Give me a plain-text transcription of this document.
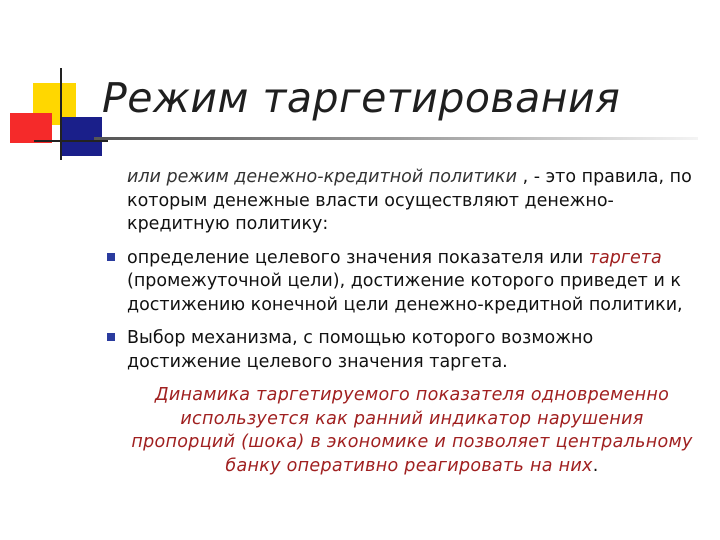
Режим таргетирования

или режим денежно-кредитной политики , - это правила, по которым денежные власти осуществляют денежно-кредитную политику:

определение целевого значения показателя или таргета (промежуточной цели), достижение которого приведет и к достижению конечной цели денежно-кредитной политики,
Выбор механизма, с помощью которого возможно достижение целевого значения таргета.

Динамика таргетируемого показателя одновременно используется как ранний индикатор нарушения пропорций (шока) в экономике и позволяет центральному банку оперативно реагировать на них.
